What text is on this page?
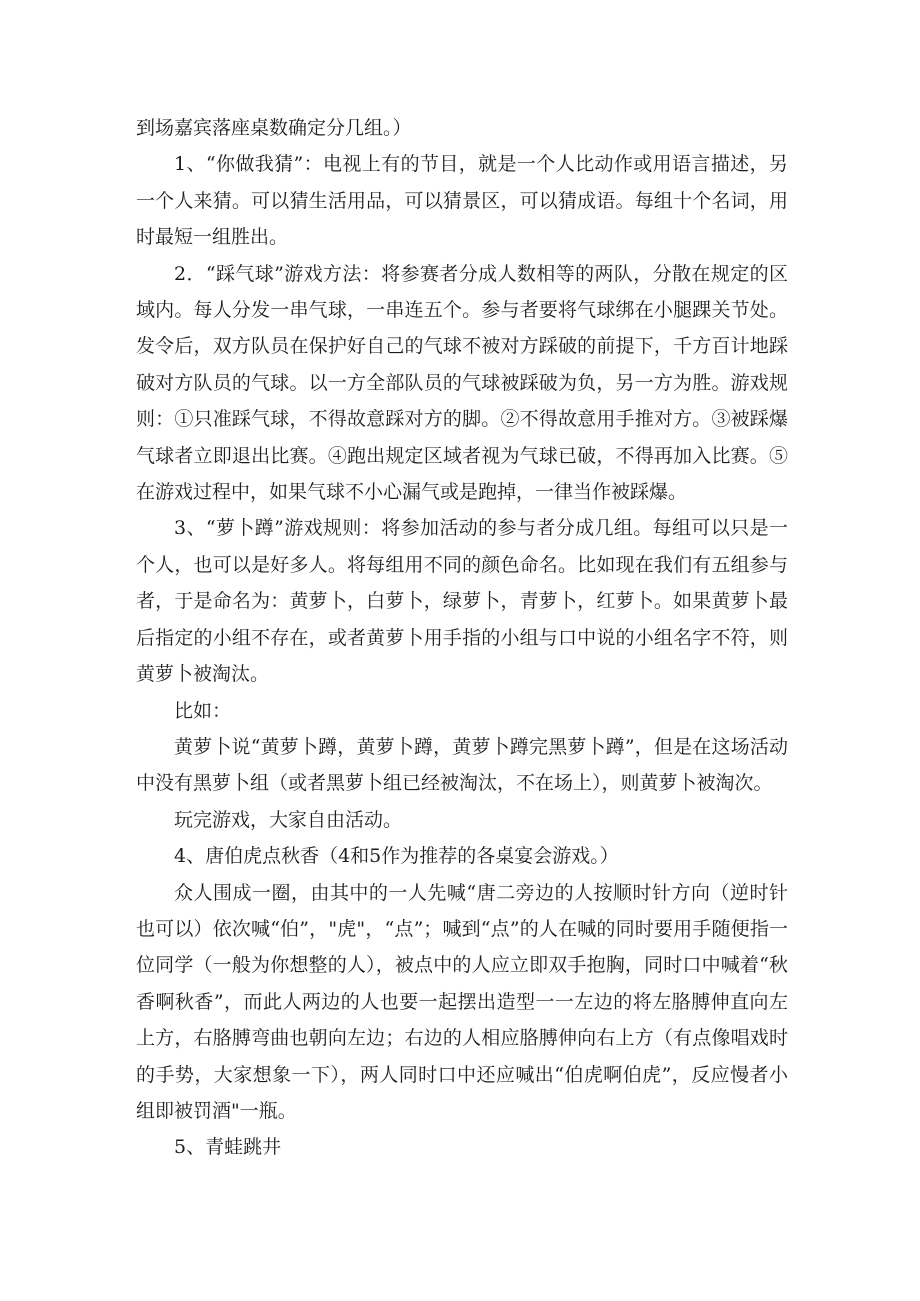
到场嘉宾落座桌数确定分几组。）

1、“你做我猜”：电视上有的节目，就是一个人比动作或用语言描述，另一个人来猜。可以猜生活用品，可以猜景区，可以猜成语。每组十个名词，用时最短一组胜出。

2．“踩气球”游戏方法：将参赛者分成人数相等的两队，分散在规定的区域内。每人分发一串气球，一串连五个。参与者要将气球绑在小腿踝关节处。发令后，双方队员在保护好自己的气球不被对方踩破的前提下，千方百计地踩破对方队员的气球。以一方全部队员的气球被踩破为负，另一方为胜。游戏规则：①只准踩气球，不得故意踩对方的脚。②不得故意用手推对方。③被踩爆气球者立即退出比赛。④跑出规定区域者视为气球已破，不得再加入比赛。⑤在游戏过程中，如果气球不小心漏气或是跑掉，一律当作被踩爆。

3、“萝卜蹲”游戏规则：将参加活动的参与者分成几组。每组可以只是一个人，也可以是好多人。将每组用不同的颜色命名。比如现在我们有五组参与者，于是命名为：黄萝卜，白萝卜，绿萝卜，青萝卜，红萝卜。如果黄萝卜最后指定的小组不存在，或者黄萝卜用手指的小组与口中说的小组名字不符，则黄萝卜被淘汰。

比如：

黄萝卜说“黄萝卜蹲，黄萝卜蹲，黄萝卜蹲完黑萝卜蹲”，但是在这场活动中没有黑萝卜组（或者黑萝卜组已经被淘汰，不在场上），则黄萝卜被淘次。

玩完游戏，大家自由活动。

4、唐伯虎点秋香（4和5作为推荐的各桌宴会游戏。）

众人围成一圈，由其中的一人先喊“唐二旁边的人按顺时针方向（逆时针也可以）依次喊“伯”，"虎"，“点”；喊到“点”的人在喊的同时要用手随便指一位同学（一般为你想整的人），被点中的人应立即双手抱胸，同时口中喊着“秋香啊秋香”，而此人两边的人也要一起摆出造型一一左边的将左胳膊伸直向左上方，右胳膊弯曲也朝向左边；右边的人相应胳膊伸向右上方（有点像唱戏时的手势，大家想象一下），两人同时口中还应喊出“伯虎啊伯虎”，反应慢者小组即被罚酒"一瓶。

5、青蛙跳井
